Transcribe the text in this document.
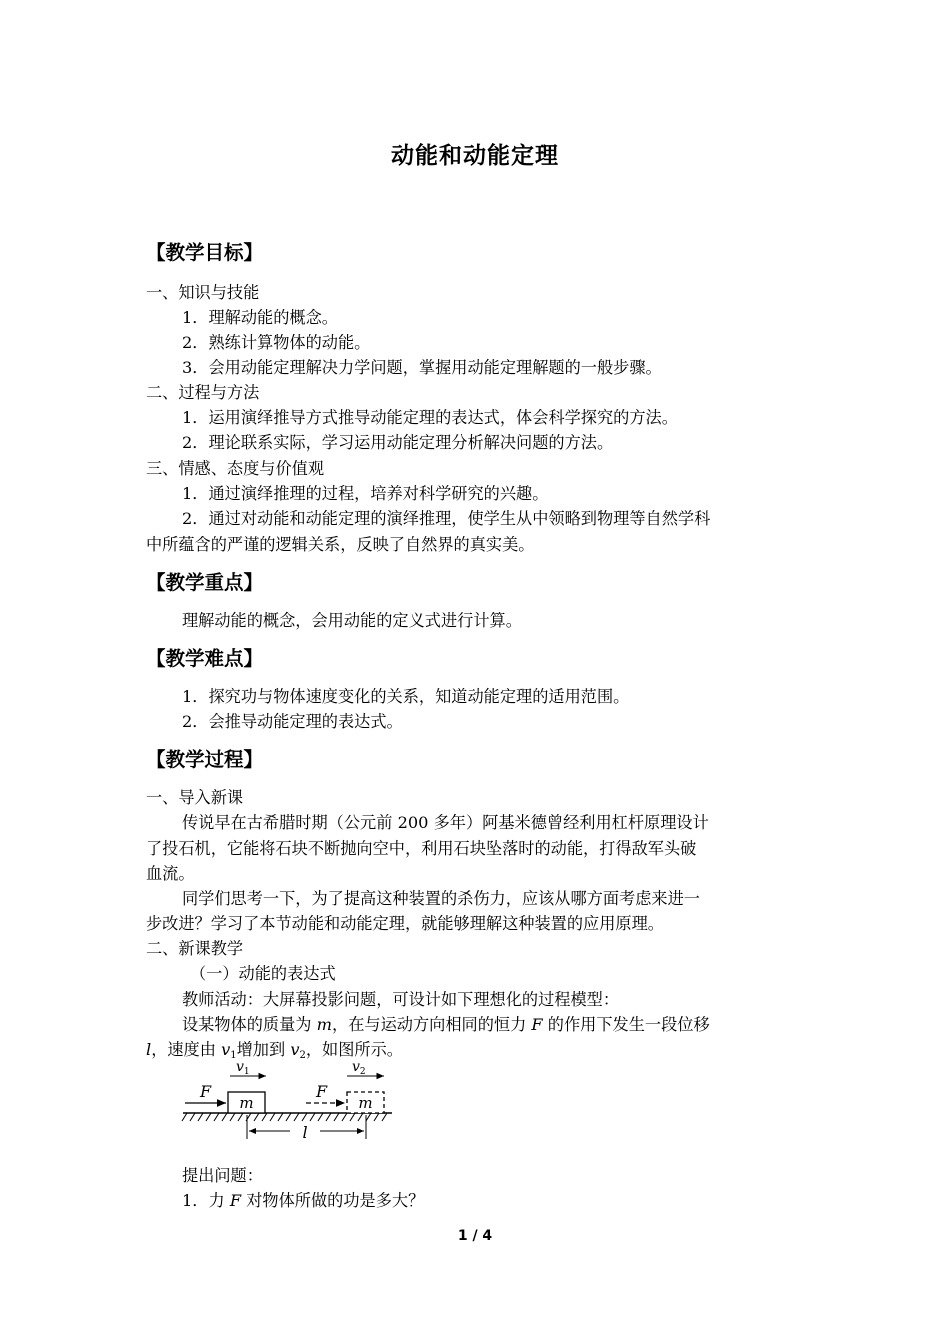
动能和动能定理
【教学目标】
一、知识与技能
1．理解动能的概念。
2．熟练计算物体的动能。
3．会用动能定理解决力学问题，掌握用动能定理解题的一般步骤。
二、过程与方法
1．运用演绎推导方式推导动能定理的表达式，体会科学探究的方法。
2．理论联系实际，学习运用动能定理分析解决问题的方法。
三、情感、态度与价值观
1．通过演绎推理的过程，培养对科学研究的兴趣。
2．通过对动能和动能定理的演绎推理，使学生从中领略到物理等自然学科
中所蕴含的严谨的逻辑关系，反映了自然界的真实美。
【教学重点】
理解动能的概念，会用动能的定义式进行计算。
【教学难点】
1．探究功与物体速度变化的关系，知道动能定理的适用范围。
2．会推导动能定理的表达式。
【教学过程】
一、导入新课
传说早在古希腊时期（公元前 200 多年）阿基米德曾经利用杠杆原理设计
了投石机，它能将石块不断抛向空中，利用石块坠落时的动能，打得敌军头破
血流。
同学们思考一下，为了提高这种装置的杀伤力，应该从哪方面考虑来进一
步改进？学习了本节动能和动能定理，就能够理解这种装置的应用原理。
二、新课教学
（一）动能的表达式
教师活动：大屏幕投影问题，可设计如下理想化的过程模型：
设某物体的质量为 m，在与运动方向相同的恒力 F 的作用下发生一段位移
l，速度由 $v_1$增加到 $v_2$，如图所示。
m
F
$v_1$
m
F
$v_2$
l
提出问题：
1．力 F 对物体所做的功是多大？
1 / 4
